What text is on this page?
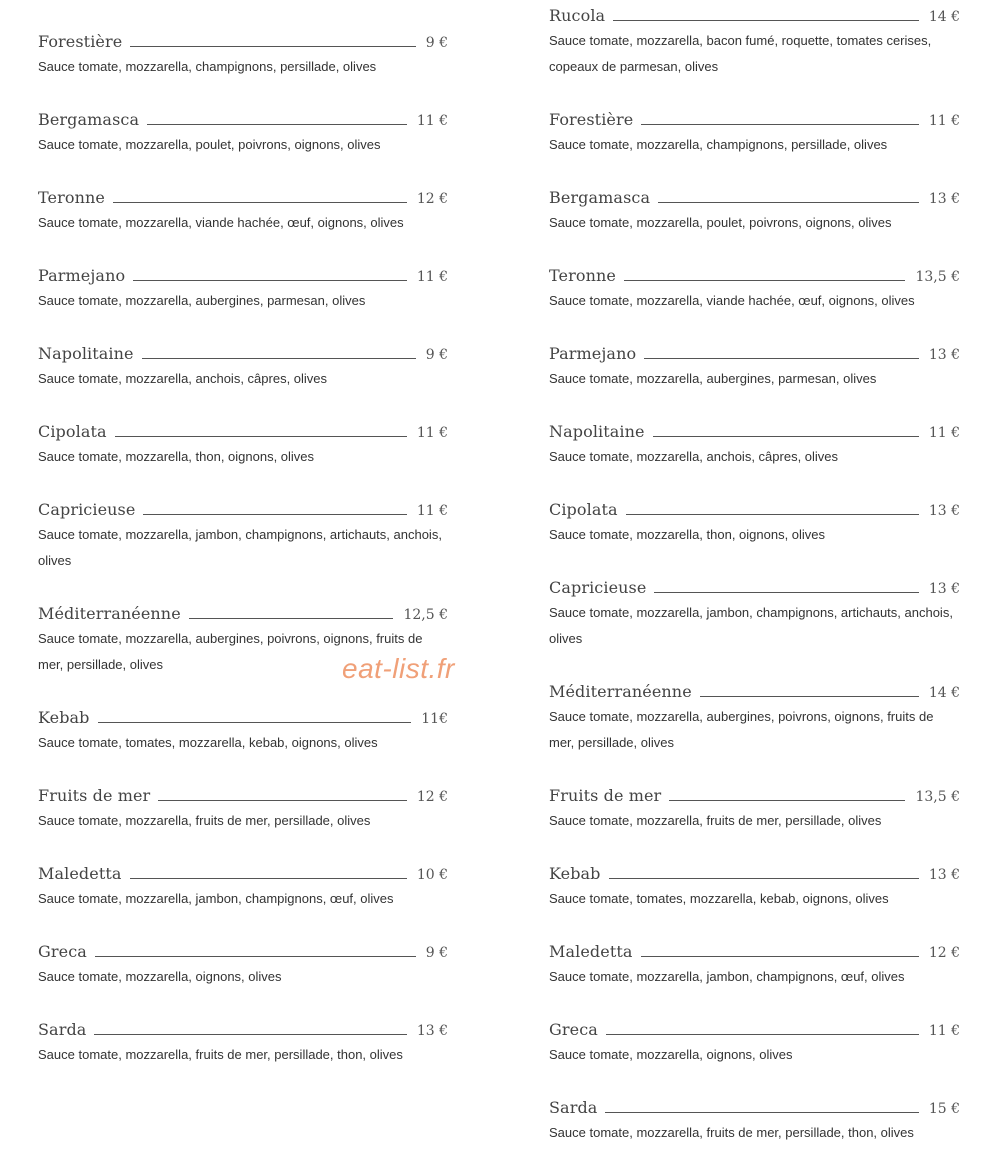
Forestière	9 €
Sauce tomate, mozzarella, champignons, persillade, olives
Bergamasca	11 €
Sauce tomate, mozzarella, poulet, poivrons, oignons, olives
Teronne	12 €
Sauce tomate, mozzarella, viande hachée, œuf, oignons, olives
Parmejano	11 €
Sauce tomate, mozzarella, aubergines, parmesan, olives
Napolitaine	9 €
Sauce tomate, mozzarella, anchois, câpres, olives
Cipolata	11 €
Sauce tomate, mozzarella, thon, oignons, olives
Capricieuse	11 €
Sauce tomate, mozzarella, jambon, champignons, artichauts, anchois, olives
Méditerranéenne	12,5 €
Sauce tomate, mozzarella, aubergines, poivrons, oignons, fruits de mer, persillade, olives
Kebab	11€
Sauce tomate, tomates, mozzarella, kebab, oignons, olives
Fruits de mer	12 €
Sauce tomate, mozzarella, fruits de mer, persillade, olives
Maledetta	10 €
Sauce tomate, mozzarella, jambon, champignons, œuf, olives
Greca	9 €
Sauce tomate, mozzarella, oignons, olives
Sarda	13 €
Sauce tomate, mozzarella, fruits de mer, persillade, thon, olives
Rucola	14 €
Sauce tomate, mozzarella, bacon fumé, roquette, tomates cerises, copeaux de parmesan, olives
Forestière	11 €
Sauce tomate, mozzarella, champignons, persillade, olives
Bergamasca	13 €
Sauce tomate, mozzarella, poulet, poivrons, oignons, olives
Teronne	13,5 €
Sauce tomate, mozzarella, viande hachée, œuf, oignons, olives
Parmejano	13 €
Sauce tomate, mozzarella, aubergines, parmesan, olives
Napolitaine	11 €
Sauce tomate, mozzarella, anchois, câpres, olives
Cipolata	13 €
Sauce tomate, mozzarella, thon, oignons, olives
Capricieuse	13 €
Sauce tomate, mozzarella, jambon, champignons, artichauts, anchois, olives
Méditerranéenne	14 €
Sauce tomate, mozzarella, aubergines, poivrons, oignons, fruits de mer, persillade, olives
Fruits de mer	13,5 €
Sauce tomate, mozzarella, fruits de mer, persillade, olives
Kebab	13 €
Sauce tomate, tomates, mozzarella, kebab, oignons, olives
Maledetta	12 €
Sauce tomate, mozzarella, jambon, champignons, œuf, olives
Greca	11 €
Sauce tomate, mozzarella, oignons, olives
Sarda	15 €
Sauce tomate, mozzarella, fruits de mer, persillade, thon, olives
eat-list.fr
